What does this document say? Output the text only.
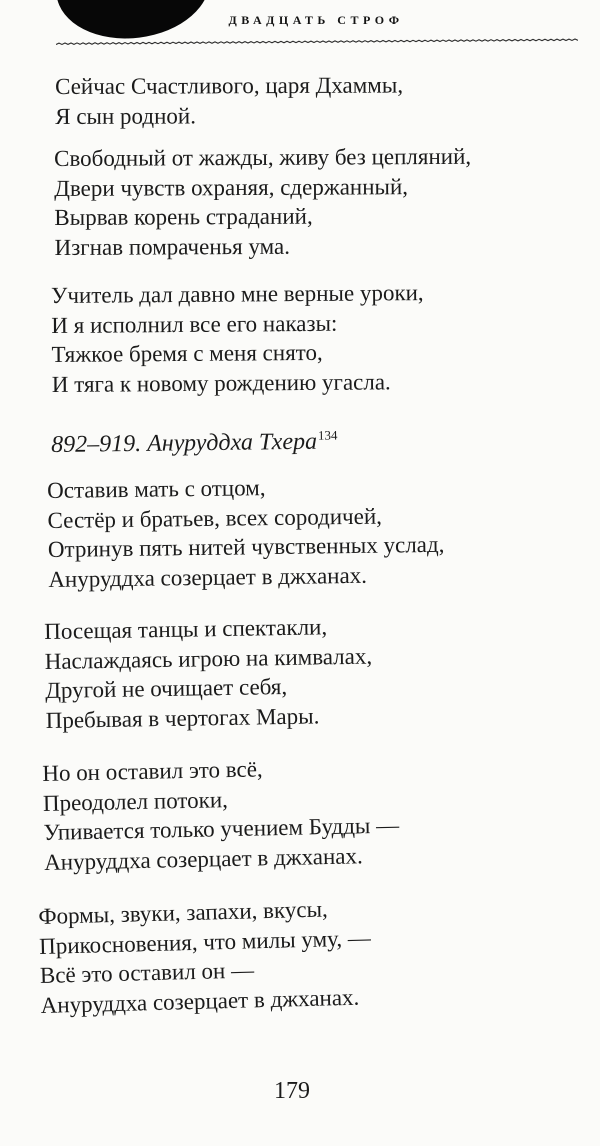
ДВАДЦАТЬ СТРОФ
Сейчас Счастливого, царя Дхаммы,
Я сын родной.
Свободный от жажды, живу без цепляний,
Двери чувств охраняя, сдержанный,
Вырвав корень страданий,
Изгнав помраченья ума.
Учитель дал давно мне верные уроки,
И я исполнил все его наказы:
Тяжкое бремя с меня снято,
И тяга к новому рождению угасла.
892–919. Ануруддха Тхера$^{134}$
Оставив мать с отцом,
Сестёр и братьев, всех сородичей,
Отринув пять нитей чувственных услад,
Ануруддха созерцает в джханах.
Посещая танцы и спектакли,
Наслаждаясь игрою на кимвалах,
Другой не очищает себя,
Пребывая в чертогах Мары.
Но он оставил это всё,
Преодолел потоки,
Упивается только учением Будды —
Ануруддха созерцает в джханах.
Формы, звуки, запахи, вкусы,
Прикосновения, что милы уму, —
Всё это оставил он —
Ануруддха созерцает в джханах.
179
